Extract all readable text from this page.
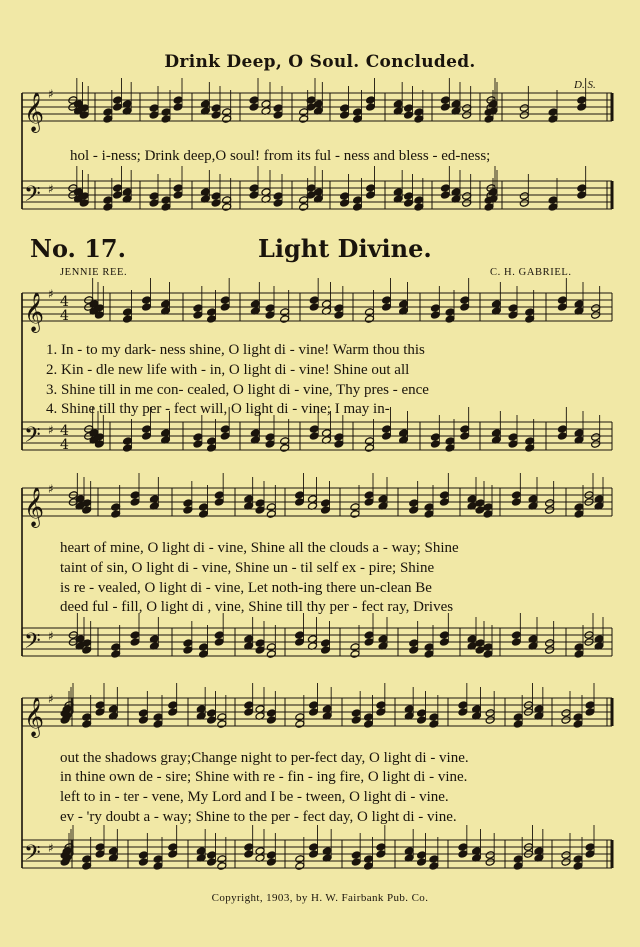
Drink Deep, O Soul. Concluded.
D. S.
𝄞 ♯
𝄢 ♯
𝄞 ♯ 4
4
𝄢 ♯ 4
4
𝄞 ♯
𝄢 ♯
𝄞 ♯
𝄢 ♯
No. 17.	Light Divine.
JENNIE REE.	C. H. GABRIEL.
hol - i-ness; Drink deep,O soul! from its ful - ness and bless - ed-ness;
1. In - to my dark- ness shine, O light di - vine! Warm thou this
2. Kin - dle new life with - in, O light di - vine! Shine out all
3. Shine till in me con- cealed, O light di - vine, Thy pres - ence
4. Shine till thy per - fect will, O light di - vine; I may in-
heart of mine, O light di - vine, Shine all the clouds a - way; Shine
taint of sin, O light di - vine, Shine un - til self ex - pire; Shine
is re - vealed, O light di - vine, Let noth-ing there un-clean Be
deed ful - fill, O light di , vine, Shine till thy per - fect ray, Drives
out the shadows gray;Change night to per-fect day, O light di - vine.
in thine own de - sire; Shine with re - fin - ing fire, O light di - vine.
left to in - ter - vene, My Lord and I be - tween, O light di - vine.
ev - 'ry doubt a - way; Shine to the per - fect day, O light di - vine.
Copyright, 1903, by H. W. Fairbank Pub. Co.
